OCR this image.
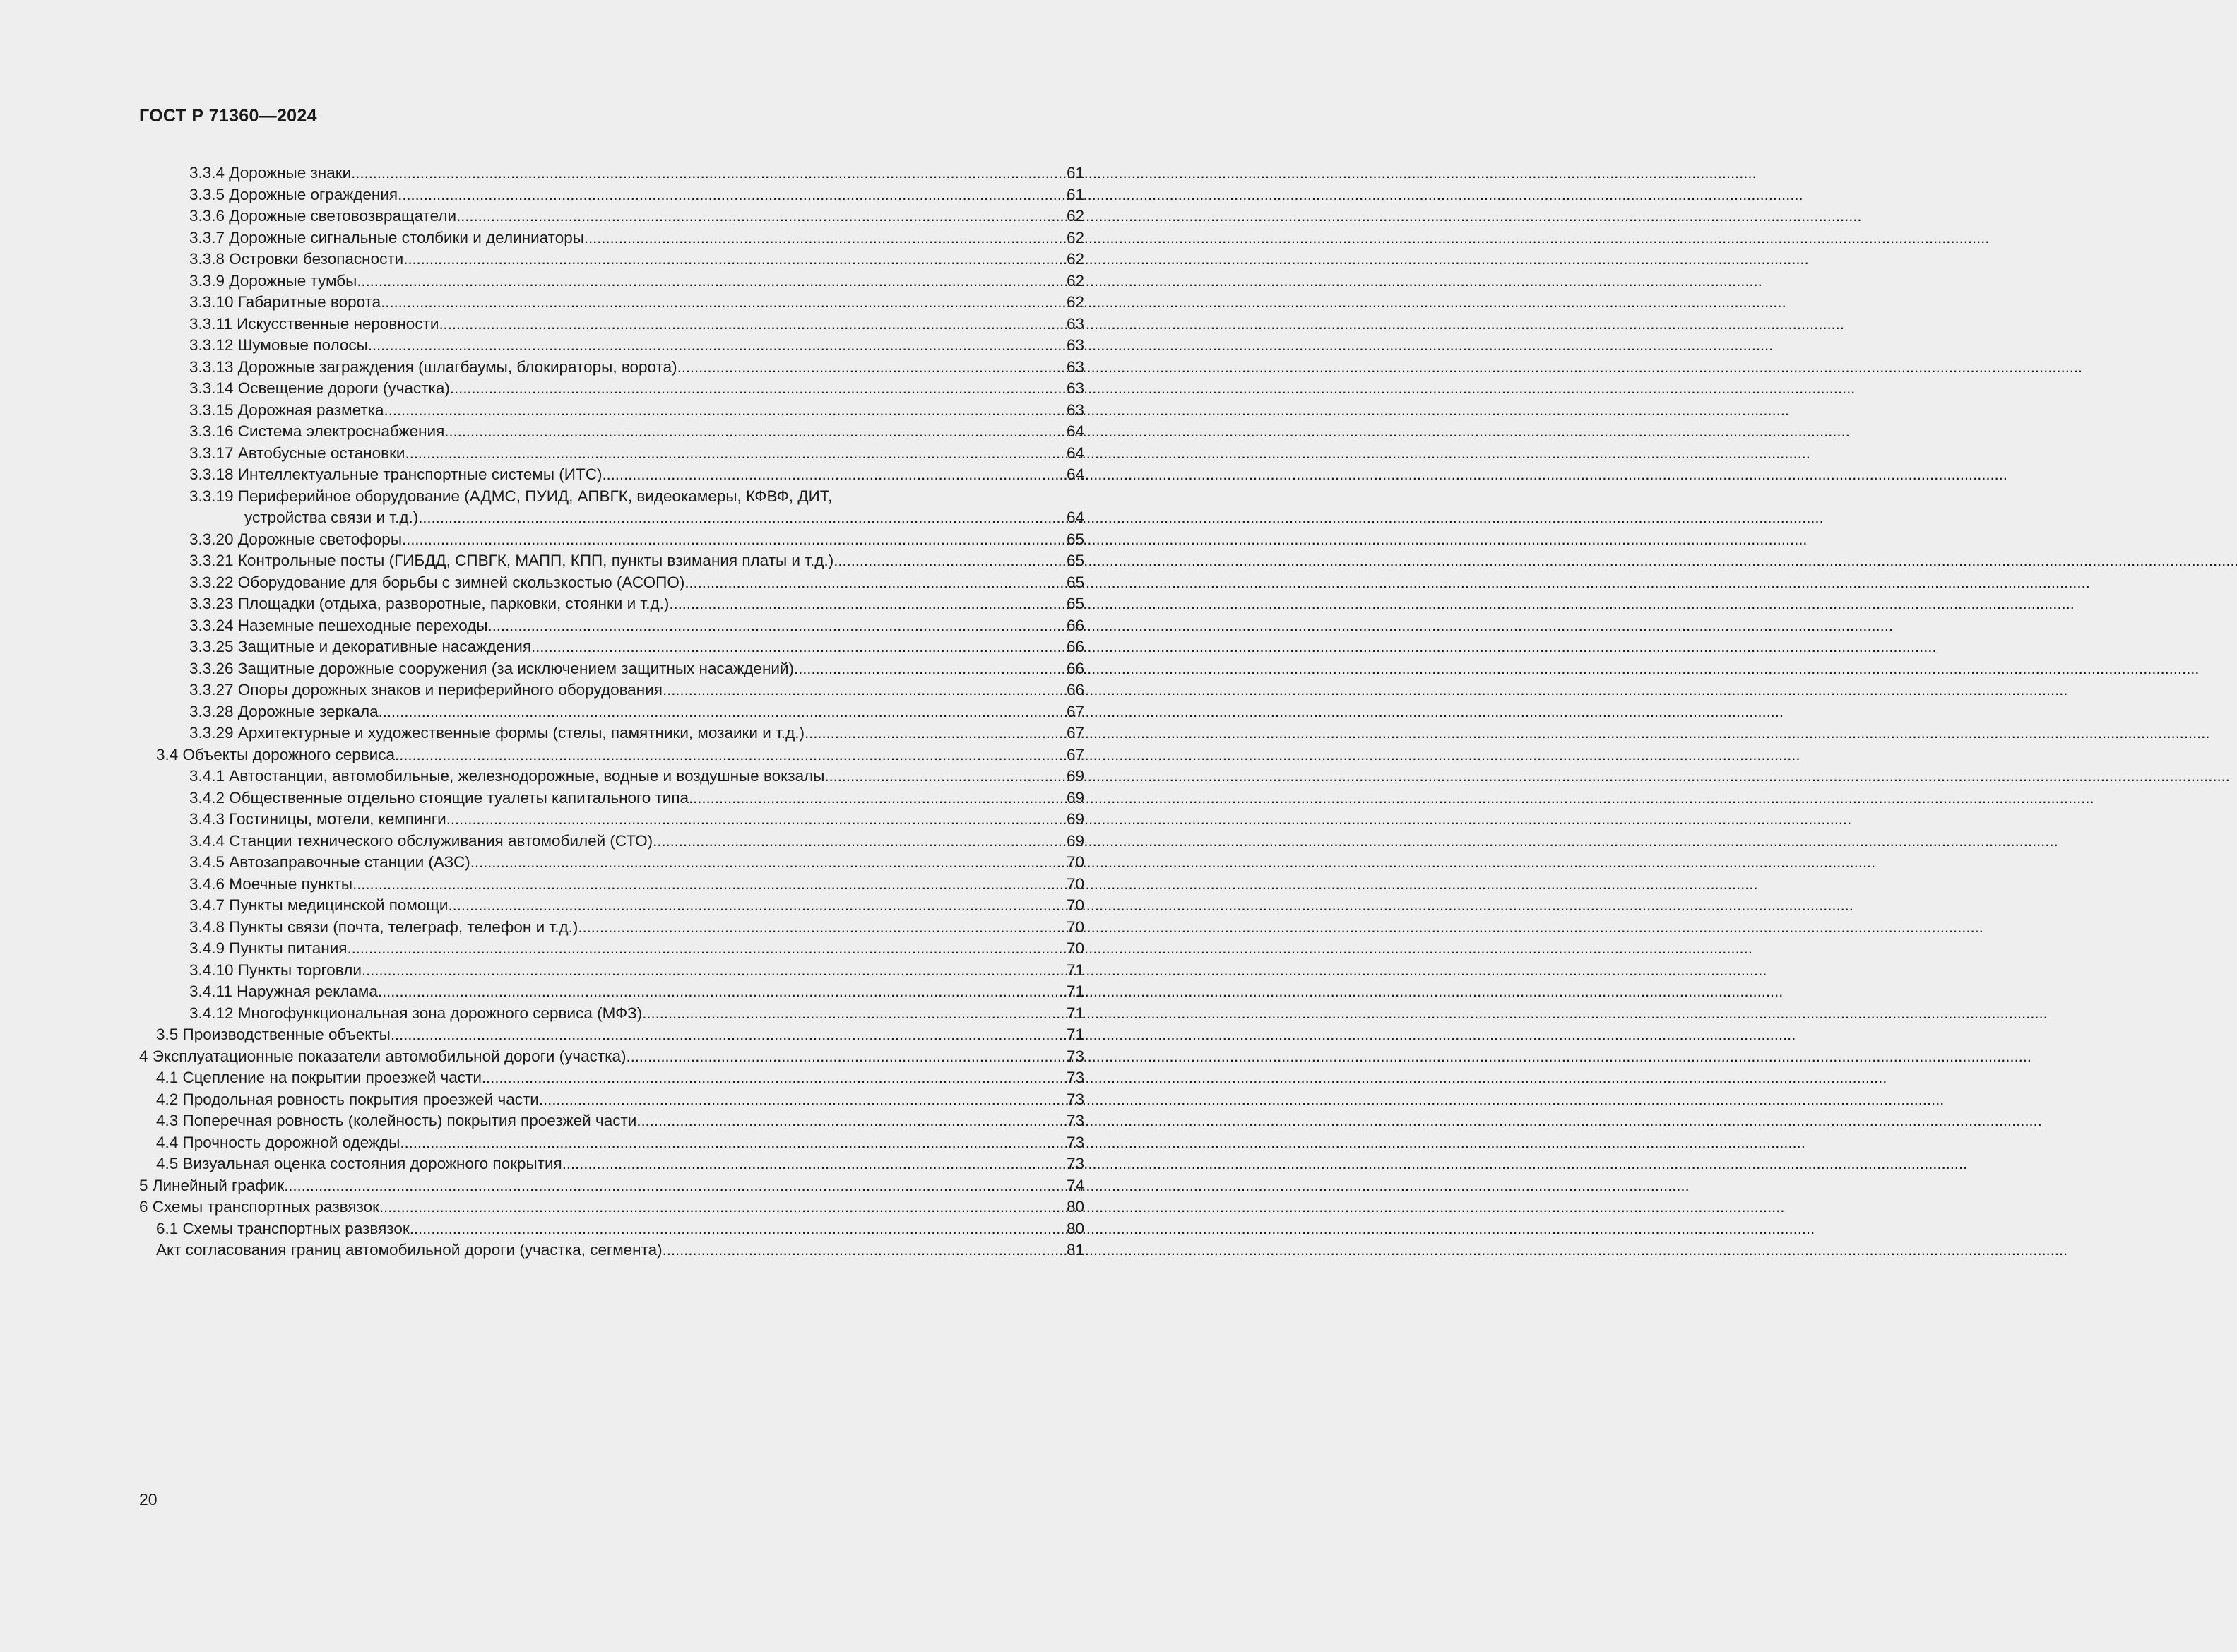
ГОСТ Р 71360—2024
3.3.4 Дорожные знаки . . .	61
3.3.5 Дорожные ограждения . . .	61
3.3.6 Дорожные световозвращатели . . .	62
3.3.7 Дорожные сигнальные столбики и делиниаторы . . .	62
3.3.8 Островки безопасности . . .	62
3.3.9 Дорожные тумбы . . .	62
3.3.10 Габаритные ворота . . .	62
3.3.11 Искусственные неровности . . .	63
3.3.12 Шумовые полосы . . .	63
3.3.13 Дорожные заграждения (шлагбаумы, блокираторы, ворота) . . .	63
3.3.14 Освещение дороги (участка) . . .	63
3.3.15 Дорожная разметка . . .	63
3.3.16 Система электроснабжения . . .	64
3.3.17 Автобусные остановки . . .	64
3.3.18 Интеллектуальные транспортные системы (ИТС) . . .	64
3.3.19 Периферийное оборудование (АДМС, ПУИД, АПВГК, видеокамеры, КФВФ, ДИТ,
устройства связи и т.д.) . . .	64
3.3.20 Дорожные светофоры . . .	65
3.3.21 Контрольные посты (ГИБДД, СПВГК, МАПП, КПП, пункты взимания платы и т.д.) . . .	65
3.3.22 Оборудование для борьбы с зимней скользкостью (АСОПО) . . .	65
3.3.23 Площадки (отдыха, разворотные, парковки, стоянки и т.д.) . . .	65
3.3.24 Наземные пешеходные переходы . . .	66
3.3.25 Защитные и декоративные насаждения . . .	66
3.3.26 Защитные дорожные сооружения (за исключением защитных насаждений) . . .	66
3.3.27 Опоры дорожных знаков и периферийного оборудования . . .	66
3.3.28 Дорожные зеркала . . .	67
3.3.29 Архитектурные и художественные формы (стелы, памятники, мозаики и т.д.) . . .	67
3.4 Объекты дорожного сервиса . . .	67
3.4.1 Автостанции, автомобильные, железнодорожные, водные и воздушные вокзалы . . .	69
3.4.2 Общественные отдельно стоящие туалеты капитального типа . . .	69
3.4.3 Гостиницы, мотели, кемпинги . . .	69
3.4.4 Станции технического обслуживания автомобилей (СТО) . . .	69
3.4.5 Автозаправочные станции (АЗС) . . .	70
3.4.6 Моечные пункты . . .	70
3.4.7 Пункты медицинской помощи . . .	70
3.4.8 Пункты связи (почта, телеграф, телефон и т.д.) . . .	70
3.4.9 Пункты питания . . .	70
3.4.10 Пункты торговли . . .	71
3.4.11 Наружная реклама . . .	71
3.4.12 Многофункциональная зона дорожного сервиса (МФЗ) . . .	71
3.5 Производственные объекты . . .	71
4 Эксплуатационные показатели автомобильной дороги (участка) . . .	73
4.1 Сцепление на покрытии проезжей части . . .	73
4.2 Продольная ровность покрытия проезжей части . . .	73
4.3 Поперечная ровность (колейность) покрытия проезжей части . . .	73
4.4 Прочность дорожной одежды . . .	73
4.5 Визуальная оценка состояния дорожного покрытия . . .	73
5 Линейный график . . .	74
6 Схемы транспортных развязок . . .	80
6.1 Схемы транспортных развязок . . .	80
Акт согласования границ автомобильной дороги (участка, сегмента) . . .	81
20
